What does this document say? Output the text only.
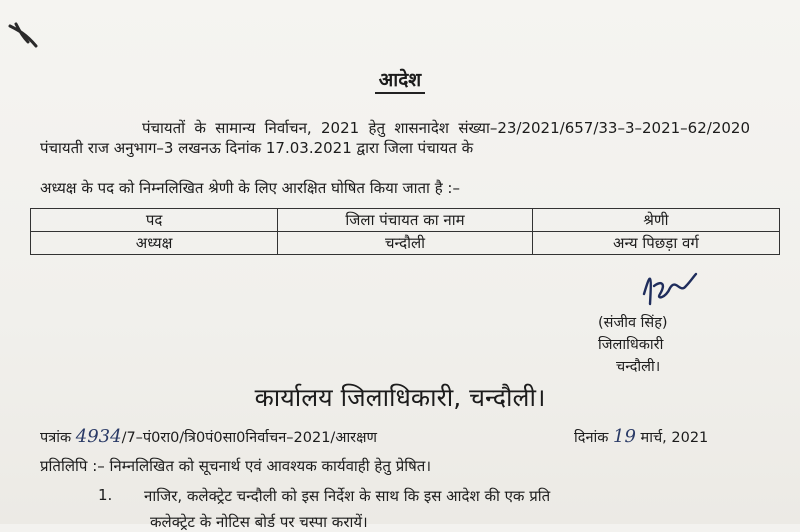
आदेश
पंचायतों के सामान्य निर्वाचन, 2021 हेतु शासनादेश संख्या–23/2021/657/33–3–2021–62/2020 पंचायती राज अनुभाग–3 लखनऊ दिनांक 17.03.2021 द्वारा जिला पंचायत के
अध्यक्ष के पद को निम्नलिखित श्रेणी के लिए आरक्षित घोषित किया जाता है :–
पद	जिला पंचायत का नाम	श्रेणी
अध्यक्ष	चन्दौली	अन्य पिछड़ा वर्ग
(संजीव सिंह)
जिलाधिकारी
चन्दौली।
कार्यालय जिलाधिकारी, चन्दौली।
पत्रांक 4934/7–पं0रा0/त्रि0पं0सा0निर्वाचन–2021/आरक्षण	दिनांक 19 मार्च, 2021
प्रतिलिपि :– निम्नलिखित को सूचनार्थ एवं आवश्यक कार्यवाही हेतु प्रेषित।
1. नाजिर, कलेक्ट्रेट चन्दौली को इस निर्देश के साथ कि इस आदेश की एक प्रति
कलेक्ट्रेट के नोटिस बोर्ड पर चस्पा करायें।
